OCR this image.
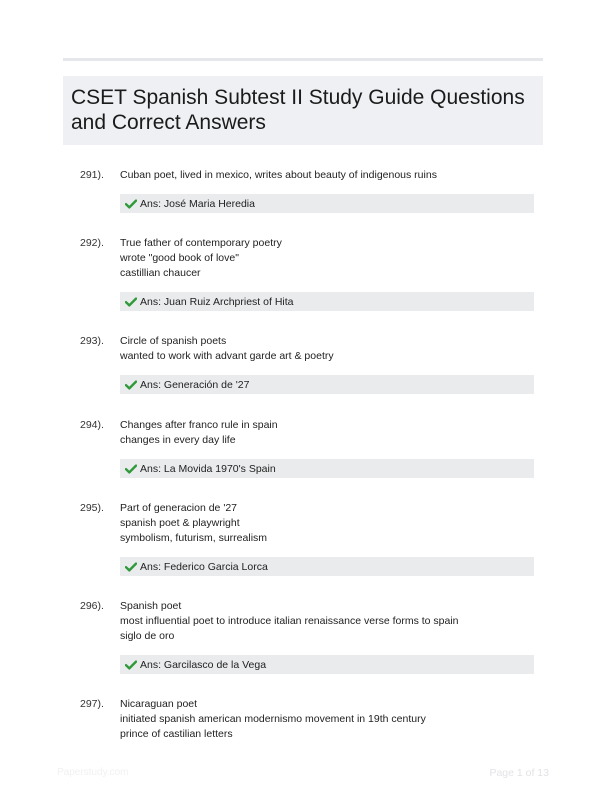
CSET Spanish Subtest II Study Guide Questions and Correct Answers
291).	Cuban poet, lived in mexico, writes about beauty of indigenous ruins
Ans: José Maria Heredia
292).	True father of contemporary poetry
wrote "good book of love"
castillian chaucer
Ans: Juan Ruiz Archpriest of Hita
293).	Circle of spanish poets
wanted to work with advant garde art & poetry
Ans: Generación de '27
294).	Changes after franco rule in spain
changes in every day life
Ans: La Movida 1970's Spain
295).	Part of generacion de '27
spanish poet & playwright
symbolism, futurism, surrealism
Ans: Federico Garcia Lorca
296).	Spanish poet
most influential poet to introduce italian renaissance verse forms to spain
siglo de oro
Ans: Garcilasco de la Vega
297).	Nicaraguan poet
initiated spanish american modernismo movement in 19th century
prince of castilian letters
Paperstudy.com	Page 1 of 13
